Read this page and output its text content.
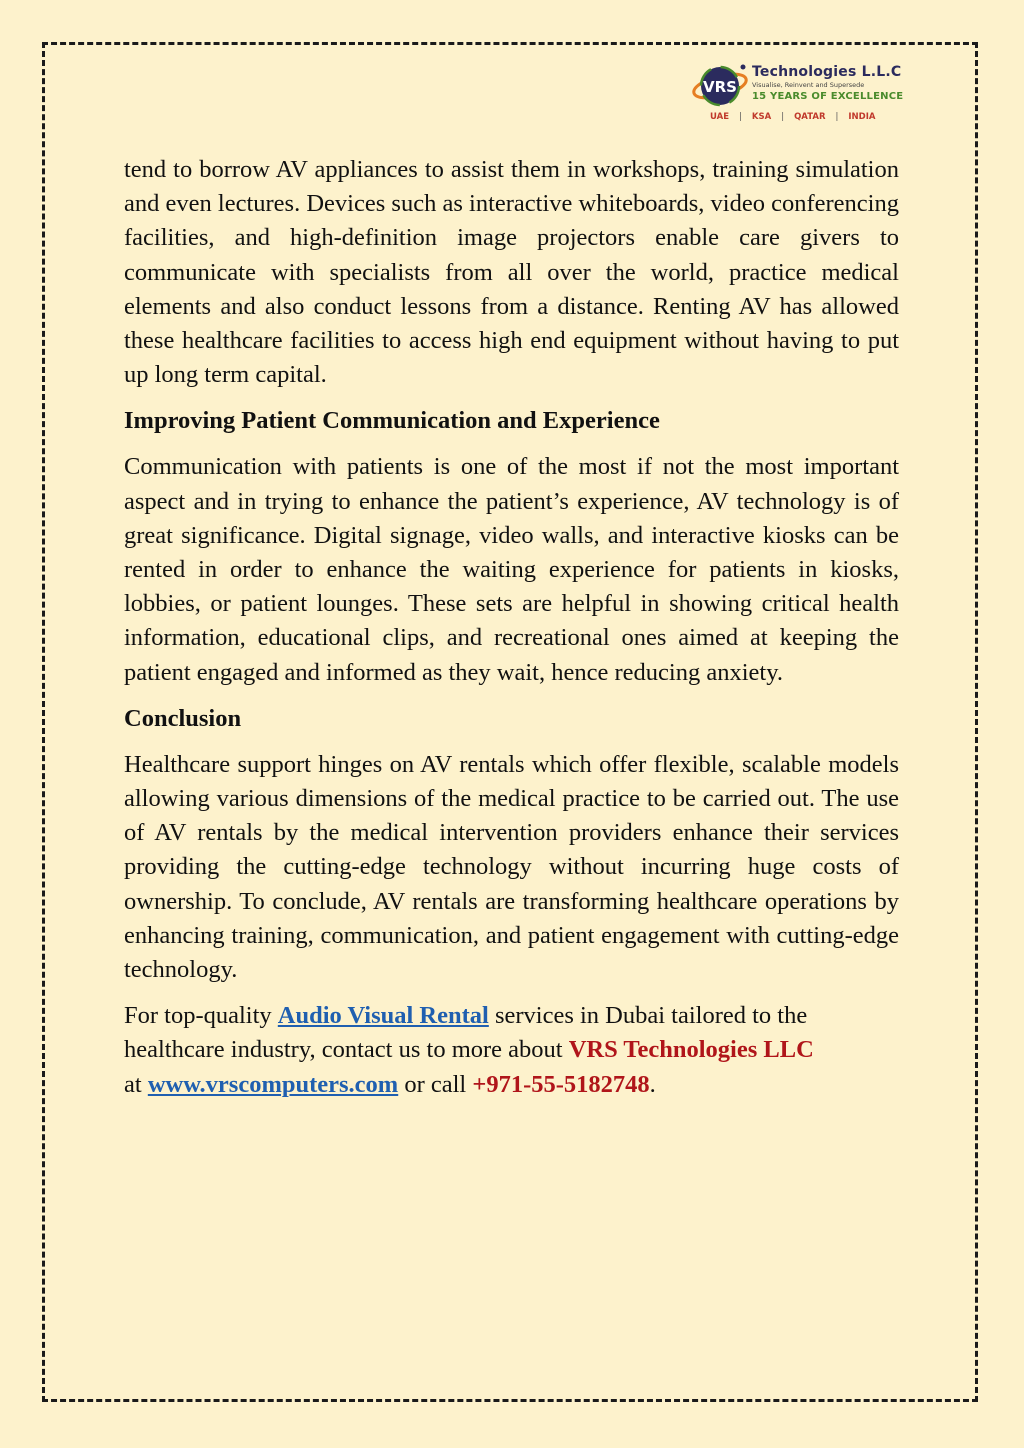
VRS
Technologies L.L.C
Visualise, Reinvent and Supersede
15 YEARS OF EXCELLENCE
UAE | KSA | QATAR | INDIA

tend to borrow AV appliances to assist them in workshops, training simulation and even lectures. Devices such as interactive whiteboards, video conferencing facilities, and high-definition image projectors enable care givers to communicate with specialists from all over the world, practice medical elements and also conduct lessons from a distance. Renting AV has allowed these healthcare facilities to access high end equipment without having to put up long term capital.

Improving Patient Communication and Experience

Communication with patients is one of the most if not the most important aspect and in trying to enhance the patient’s experience, AV technology is of great significance. Digital signage, video walls, and interactive kiosks can be rented in order to enhance the waiting experience for patients in kiosks, lobbies, or patient lounges. These sets are helpful in showing critical health information, educational clips, and recreational ones aimed at keeping the patient engaged and informed as they wait, hence reducing anxiety.

Conclusion

Healthcare support hinges on AV rentals which offer flexible, scalable models allowing various dimensions of the medical practice to be carried out. The use of AV rentals by the medical intervention providers enhance their services providing the cutting-edge technology without incurring huge costs of ownership. To conclude, AV rentals are transforming healthcare operations by enhancing training, communication, and patient engagement with cutting-edge technology.

For top-quality Audio Visual Rental services in Dubai tailored to the healthcare industry, contact us to more about VRS Technologies LLC
at www.vrscomputers.com or call +971-55-5182748.
